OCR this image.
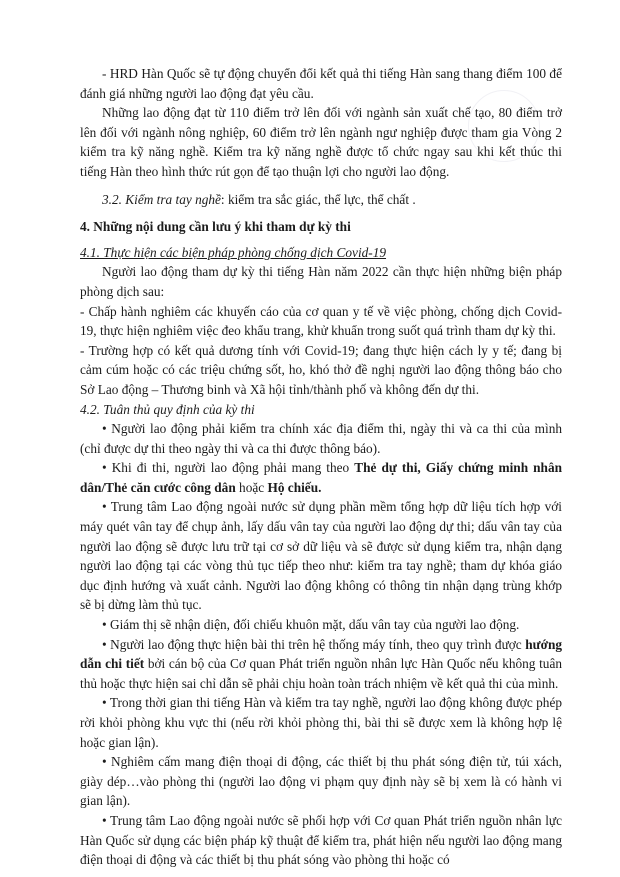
- HRD Hàn Quốc sẽ tự động chuyển đổi kết quả thi tiếng Hàn sang thang điểm 100 để đánh giá những người lao động đạt yêu cầu.

Những lao động đạt từ 110 điểm trở lên đối với ngành sản xuất chế tạo, 80 điểm trở lên đối với ngành nông nghiệp, 60 điểm trở lên ngành ngư nghiệp được tham gia Vòng 2 kiểm tra kỹ năng nghề. Kiểm tra kỹ năng nghề được tổ chức ngay sau khi kết thúc thi tiếng Hàn theo hình thức rút gọn để tạo thuận lợi cho người lao động.

3.2. Kiểm tra tay nghề: kiểm tra sắc giác, thể lực, thể chất .

4. Những nội dung cần lưu ý khi tham dự kỳ thi

4.1. Thực hiện các biện pháp phòng chống dịch Covid-19

Người lao động tham dự kỳ thi tiếng Hàn năm 2022 cần thực hiện những biện pháp phòng dịch sau:

- Chấp hành nghiêm các khuyến cáo của cơ quan y tế về việc phòng, chống dịch Covid-19, thực hiện nghiêm việc đeo khẩu trang, khử khuẩn trong suốt quá trình tham dự kỳ thi.

- Trường hợp có kết quả dương tính với Covid-19; đang thực hiện cách ly y tế; đang bị cảm cúm hoặc có các triệu chứng sốt, ho, khó thở đề nghị người lao động thông báo cho Sở Lao động – Thương binh và Xã hội tỉnh/thành phố và không đến dự thi.

4.2. Tuân thủ quy định của kỳ thi

• Người lao động phải kiểm tra chính xác địa điểm thi, ngày thi và ca thi của mình (chỉ được dự thi theo ngày thi và ca thi được thông báo).

• Khi đi thi, người lao động phải mang theo Thẻ dự thi, Giấy chứng minh nhân dân/Thẻ căn cước công dân hoặc Hộ chiếu.

• Trung tâm Lao động ngoài nước sử dụng phần mềm tổng hợp dữ liệu tích hợp với máy quét vân tay để chụp ảnh, lấy dấu vân tay của người lao động dự thi; dấu vân tay của người lao động sẽ được lưu trữ tại cơ sở dữ liệu và sẽ được sử dụng kiểm tra, nhận dạng người lao động tại các vòng thủ tục tiếp theo như: kiểm tra tay nghề; tham dự khóa giáo dục định hướng và xuất cảnh. Người lao động không có thông tin nhận dạng trùng khớp sẽ bị dừng làm thủ tục.

• Giám thị sẽ nhận diện, đối chiếu khuôn mặt, dấu vân tay của người lao động.

• Người lao động thực hiện bài thi trên hệ thống máy tính, theo quy trình được hướng dẫn chi tiết bởi cán bộ của Cơ quan Phát triển nguồn nhân lực Hàn Quốc nếu không tuân thủ hoặc thực hiện sai chỉ dẫn sẽ phải chịu hoàn toàn trách nhiệm về kết quả thi của mình.

• Trong thời gian thi tiếng Hàn và kiểm tra tay nghề, người lao động không được phép rời khỏi phòng khu vực thi (nếu rời khỏi phòng thi, bài thi sẽ được xem là không hợp lệ hoặc gian lận).

• Nghiêm cấm mang điện thoại di động, các thiết bị thu phát sóng điện tử, túi xách, giày dép…vào phòng thi (người lao động vi phạm quy định này sẽ bị xem là có hành vi gian lận).

• Trung tâm Lao động ngoài nước sẽ phối hợp với Cơ quan Phát triển nguồn nhân lực Hàn Quốc sử dụng các biện pháp kỹ thuật để kiểm tra, phát hiện nếu người lao động mang điện thoại di động và các thiết bị thu phát sóng vào phòng thi hoặc có
